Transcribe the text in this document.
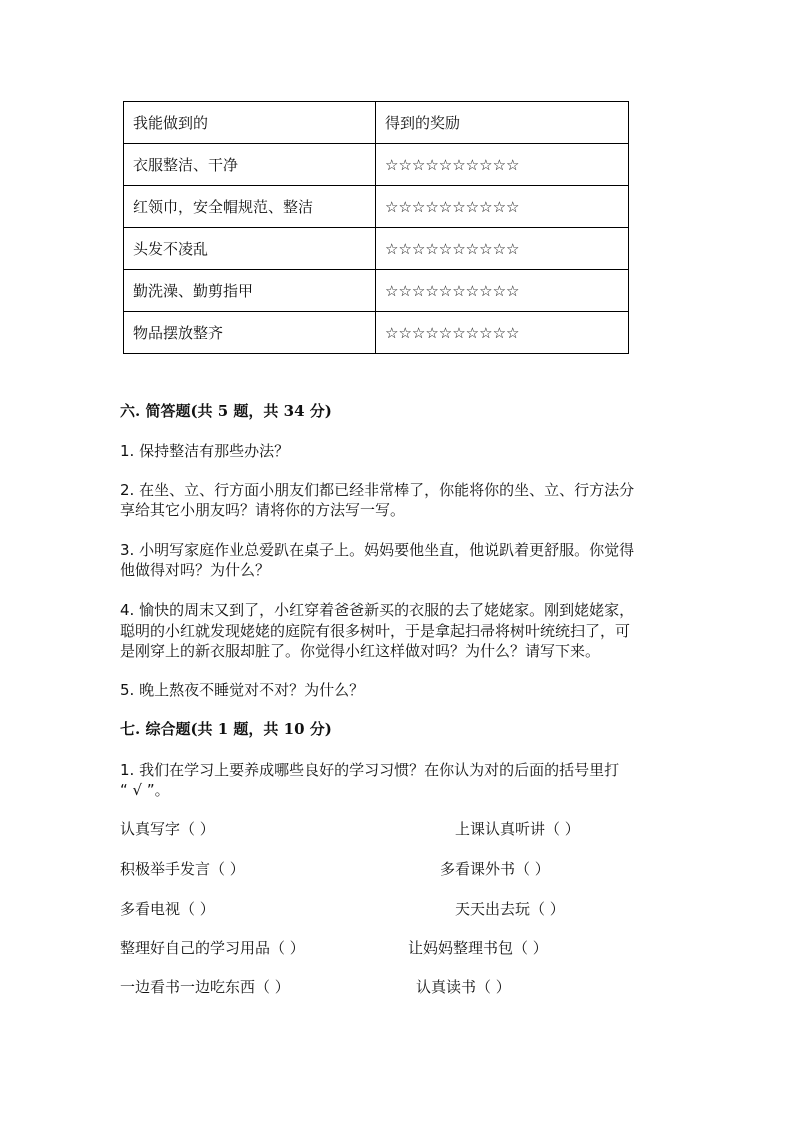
我能做到的	得到的奖励
衣服整洁、干净	☆☆☆☆☆☆☆☆☆☆
红领巾，安全帽规范、整洁	☆☆☆☆☆☆☆☆☆☆
头发不凌乱	☆☆☆☆☆☆☆☆☆☆
勤洗澡、勤剪指甲	☆☆☆☆☆☆☆☆☆☆
物品摆放整齐	☆☆☆☆☆☆☆☆☆☆
六. 简答题(共 5 题，共 34 分)
1. 保持整洁有那些办法？
2. 在坐、立、行方面小朋友们都已经非常棒了，你能将你的坐、立、行方法分
享给其它小朋友吗？请将你的方法写一写。
3. 小明写家庭作业总爱趴在桌子上。妈妈要他坐直，他说趴着更舒服。你觉得
他做得对吗？为什么？
4. 愉快的周末又到了，小红穿着爸爸新买的衣服的去了姥姥家。刚到姥姥家，
聪明的小红就发现姥姥的庭院有很多树叶，于是拿起扫帚将树叶统统扫了，可
是刚穿上的新衣服却脏了。你觉得小红这样做对吗？为什么？请写下来。
5. 晚上熬夜不睡觉对不对？为什么？
七. 综合题(共 1 题，共 10 分)
1. 我们在学习上要养成哪些良好的学习习惯？在你认为对的后面的括号里打
“ √ ”。
认真写字（ ）	上课认真听讲（ ）
积极举手发言（ ）	多看课外书（ ）
多看电视（ ）	天天出去玩（ ）
整理好自己的学习用品（ ）	让妈妈整理书包（ ）
一边看书一边吃东西（ ）	认真读书（ ）
